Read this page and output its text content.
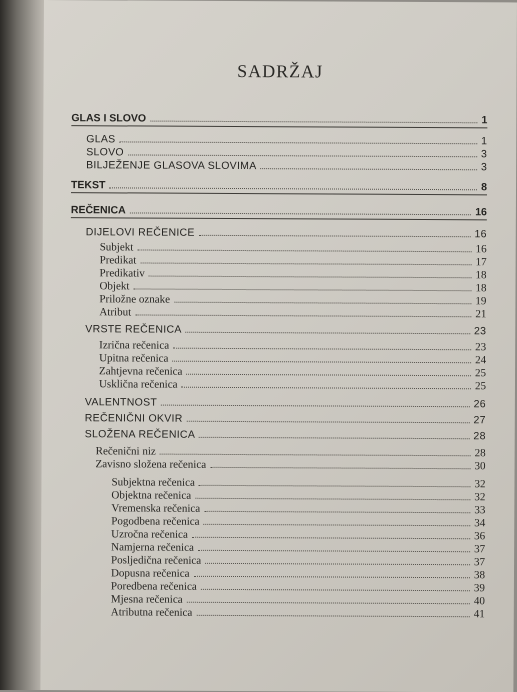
SADRŽAJ
GLAS I SLOVO	1
GLAS	1
SLOVO	3
BILJEŽENJE GLASOVA SLOVIMA	3
TEKST	8
REČENICA	16
DIJELOVI REČENICE	16
Subjekt	16
Predikat	17
Predikativ	18
Objekt	18
Priložne oznake	19
Atribut	21
VRSTE REČENICA	23
Izrična rečenica	23
Upitna rečenica	24
Zahtjevna rečenica	25
Usklična rečenica	25
VALENTNOST	26
REČENIČNI OKVIR	27
SLOŽENA REČENICA	28
Rečenični niz	28
Zavisno složena rečenica	30
Subjektna rečenica	32
Objektna rečenica	32
Vremenska rečenica	33
Pogodbena rečenica	34
Uzročna rečenica	36
Namjerna rečenica	37
Posljedična rečenica	37
Dopusna rečenica	38
Poredbena rečenica	39
Mjesna rečenica	40
Atributna rečenica	41
